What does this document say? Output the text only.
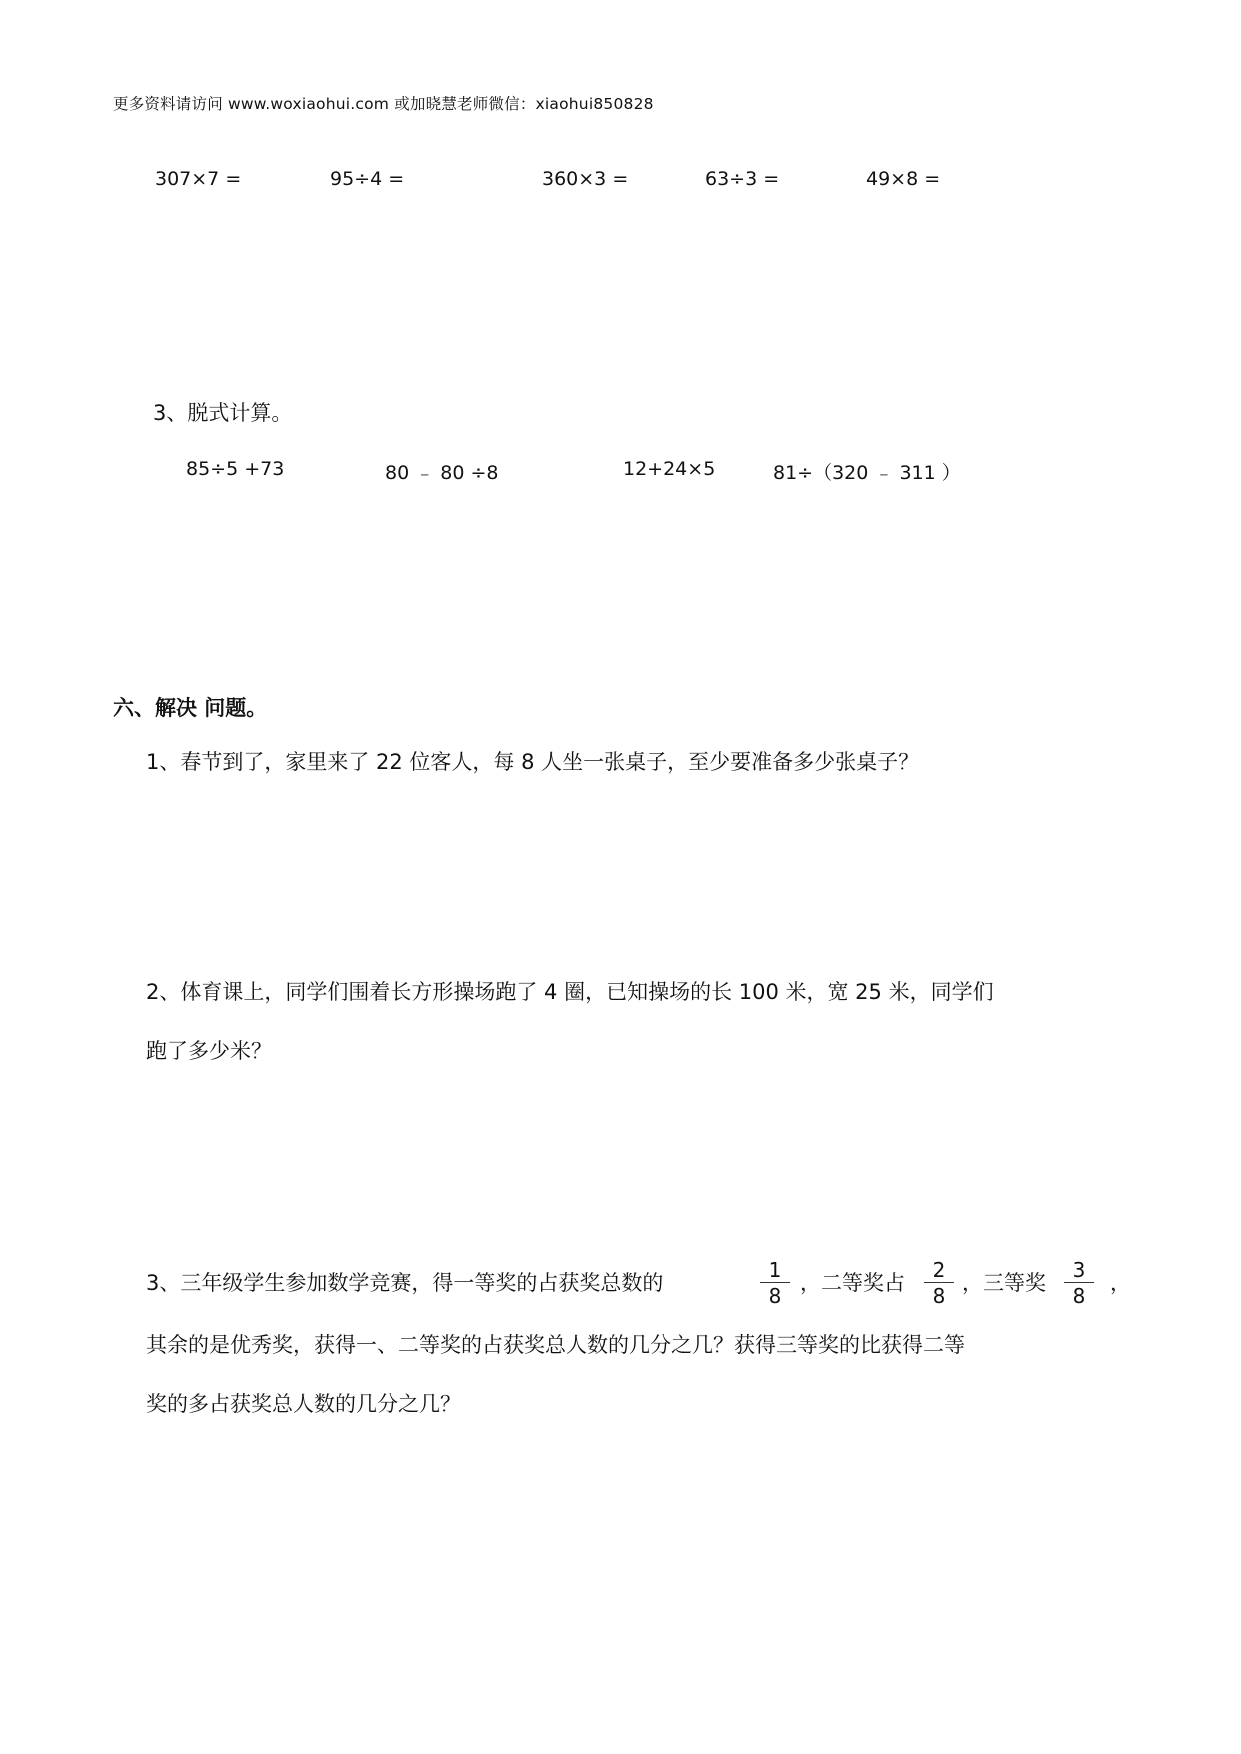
更多资料请访问 www.woxiaohui.com 或加晓慧老师微信：xiaohui850828
307×7 =	95÷4 =	360×3 =	63÷3 =	49×8 =
3、脱式计算。
85÷5 +73	80 ﹣ 80 ÷8	12+24×5	81÷（320 ﹣ 311 ）
六、解决 问题。
1、春节到了，家里来了 22 位客人，每 8 人坐一张桌子，至少要准备多少张桌子？
2、体育课上，同学们围着长方形操场跑了 4 圈，已知操场的长 100 米，宽 25 米，同学们
跑了多少米？
3、三年级学生参加数学竞赛，得一等奖的占获奖总数的
1
8
，二等奖占
2
8
，三等奖
3
8
，
其余的是优秀奖，获得一、二等奖的占获奖总人数的几分之几？获得三等奖的比获得二等
奖的多占获奖总人数的几分之几？
